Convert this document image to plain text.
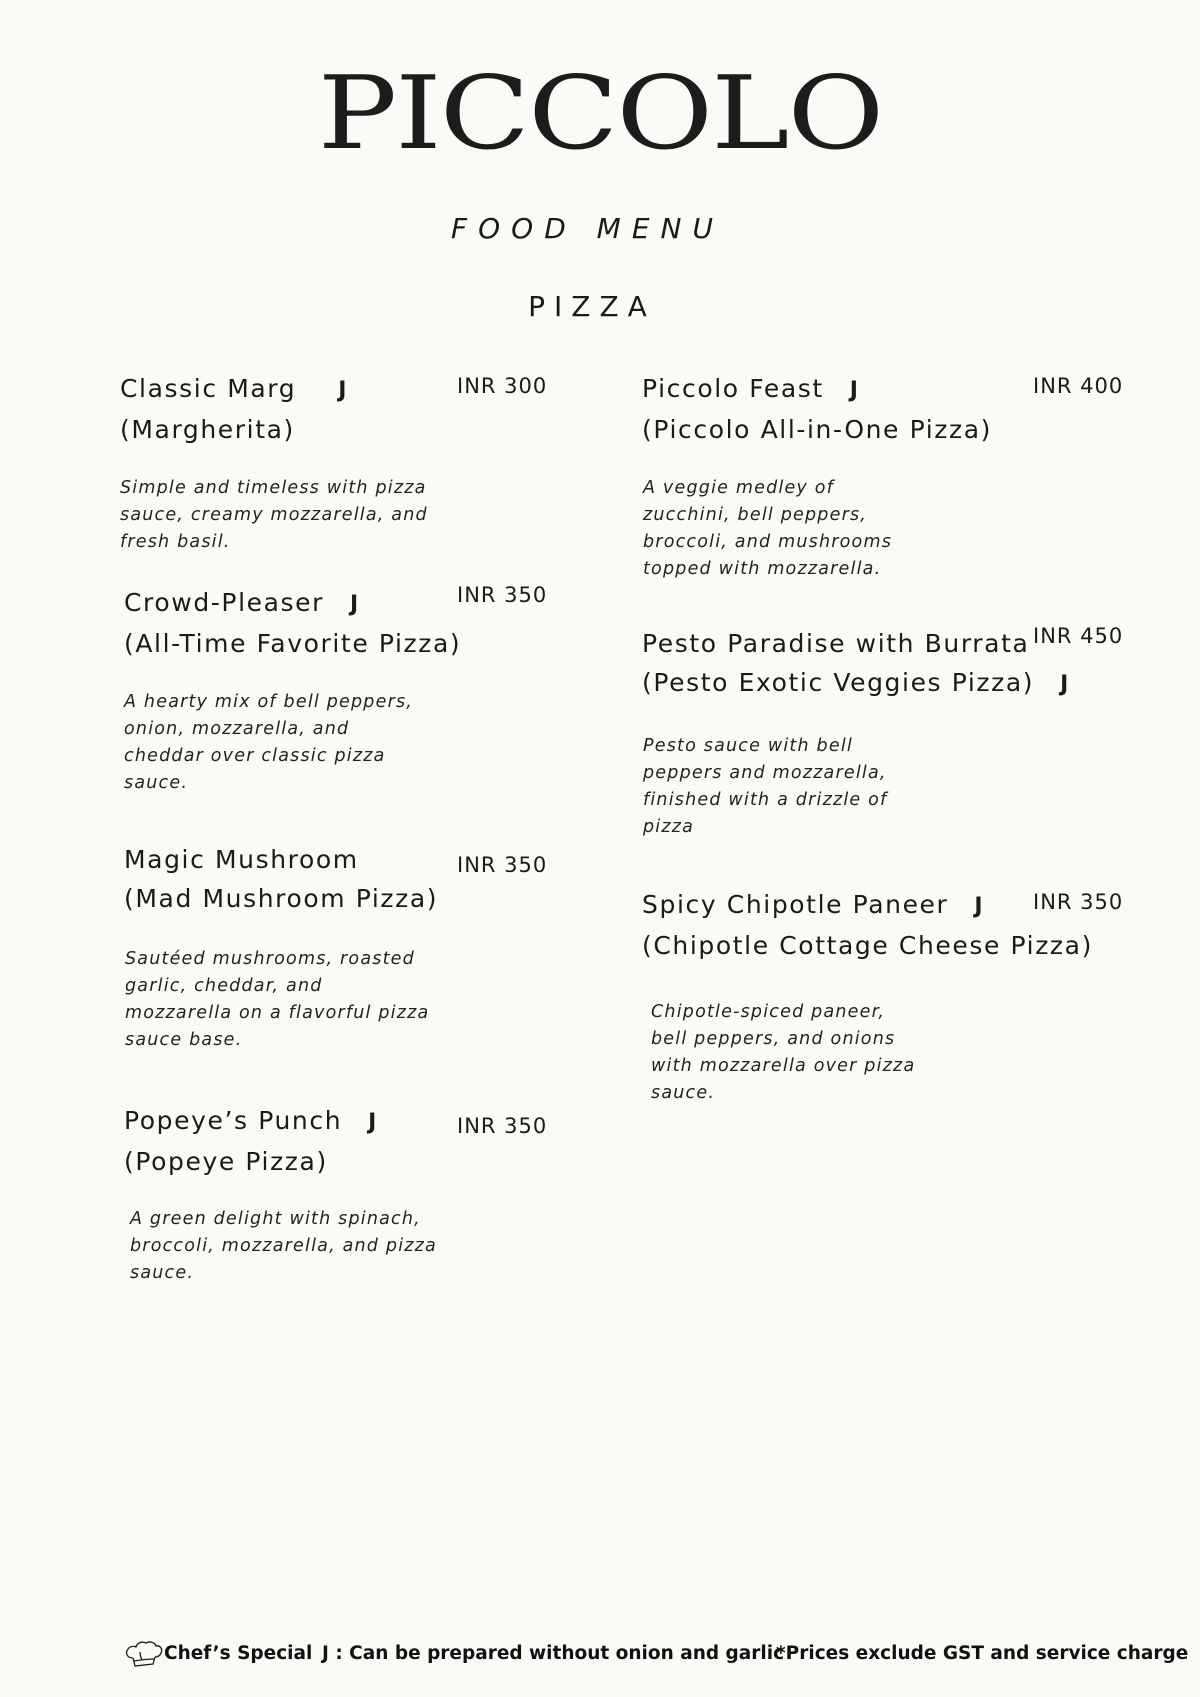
PICCOLO
FOOD MENU
PIZZA
Classic Marg J
(Margherita)
INR 300
Simple and timeless with pizza
sauce, creamy mozzarella, and
fresh basil.
Crowd-Pleaser J
(All-Time Favorite Pizza)
INR 350
A hearty mix of bell peppers,
onion, mozzarella, and
cheddar over classic pizza
sauce.
Magic Mushroom
(Mad Mushroom Pizza)
INR 350
Sautéed mushrooms, roasted
garlic, cheddar, and
mozzarella on a flavorful pizza
sauce base.
Popeye’s Punch J
(Popeye Pizza)
INR 350
A green delight with spinach,
broccoli, mozzarella, and pizza
sauce.
Piccolo Feast J
(Piccolo All-in-One Pizza)
INR 400
A veggie medley of
zucchini, bell peppers,
broccoli, and mushrooms
topped with mozzarella.
Pesto Paradise with Burrata
(Pesto Exotic Veggies Pizza) J
INR 450
Pesto sauce with bell
peppers and mozzarella,
finished with a drizzle of
pizza
Spicy Chipotle Paneer J
(Chipotle Cottage Cheese Pizza)
INR 350
Chipotle-spiced paneer,
bell peppers, and onions
with mozzarella over pizza
sauce.
Chef’s Special J : Can be prepared without onion and garlic
*Prices exclude GST and service charge
